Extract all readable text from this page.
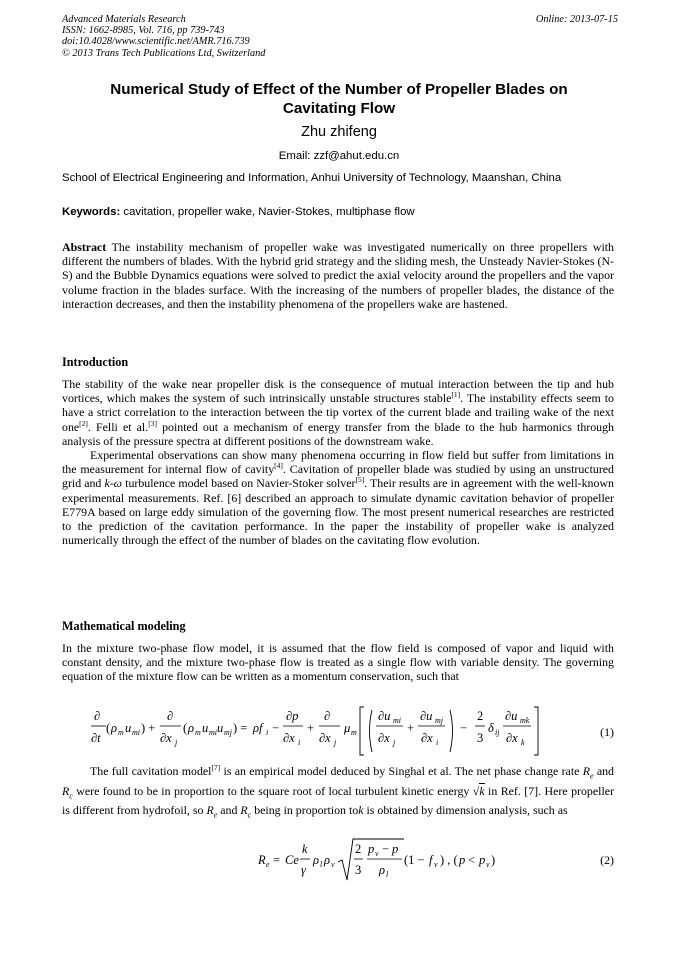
Advanced Materials Research
ISSN: 1662-8985, Vol. 716, pp 739-743
doi:10.4028/www.scientific.net/AMR.716.739
© 2013 Trans Tech Publications Ltd, Switzerland
Online: 2013-07-15
Numerical Study of Effect of the Number of Propeller Blades on
Cavitating Flow
Zhu zhifeng
Email: zzf@ahut.edu.cn
School of Electrical Engineering and Information, Anhui University of Technology, Maanshan, China
Keywords: cavitation, propeller wake, Navier-Stokes, multiphase flow

Abstract The instability mechanism of propeller wake was investigated numerically on three propellers with different the numbers of blades. With the hybrid grid strategy and the sliding mesh, the Unsteady Navier-Stokes (N-S) and the Bubble Dynamics equations were solved to predict the axial velocity around the propellers and the vapor volume fraction in the blades surface. With the increasing of the numbers of propeller blades, the distance of the interaction decreases, and then the instability phenomena of the propellers wake are hastened.

Introduction

The stability of the wake near propeller disk is the consequence of mutual interaction between the tip and hub vortices, which makes the system of such intrinsically unstable structures stable[1]. The instability effects seem to have a strict correlation to the interaction between the tip vortex of the current blade and trailing wake of the next one[2]. Felli et al.[3] pointed out a mechanism of energy transfer from the blade to the hub harmonics through analysis of the pressure spectra at different positions of the downstream wake.

Experimental observations can show many phenomena occurring in flow field but suffer from limitations in the measurement for internal flow of cavity[4]. Cavitation of propeller blade was studied by using an unstructured grid and k-ω turbulence model based on Navier-Stoker solver[5]. Their results are in agreement with the well-known experimental measurements. Ref. [6] described an approach to simulate dynamic cavitation behavior of propeller E779A based on large eddy simulation of the governing flow. The most present numerical researches are restricted to the prediction of the cavitation performance. In the paper the instability of propeller wake is analyzed numerically through the effect of the number of blades on the cavitating flow evolution.

Mathematical modeling

In the mixture two-phase flow model, it is assumed that the flow field is composed of vapor and liquid with constant density, and the mixture two-phase flow is treated as a single flow with variable density. The governing equation of the mixture flow can be written as a momentum conservation, such that

∂
∂t
( ρ m u mi ) +
∂
∂x j
( ρ m u mi u mj ) = ρf i −
∂p
∂x i
+
∂
∂x j
μ m
∂u mi
∂x j
+
∂u mj
∂x i
−
2
3
δ ij
∂u mk
∂x k
(1)

The full cavitation model[7] is an empirical model deduced by Singhal et al. The net phase change rate $R_e$ and $R_c$ were found to be in proportion to the square root of local turbulent kinetic energy √k in Ref. [7]. Here propeller is different from hydrofoil, so $R_e$ and $R_c$ being in proportion tok is obtained by dimension analysis, such as

R e = Ce
k
γ
ρ l ρ v
2
3
p v − p
ρ l
(1 − f v ) , ( p < p v )	(2)
